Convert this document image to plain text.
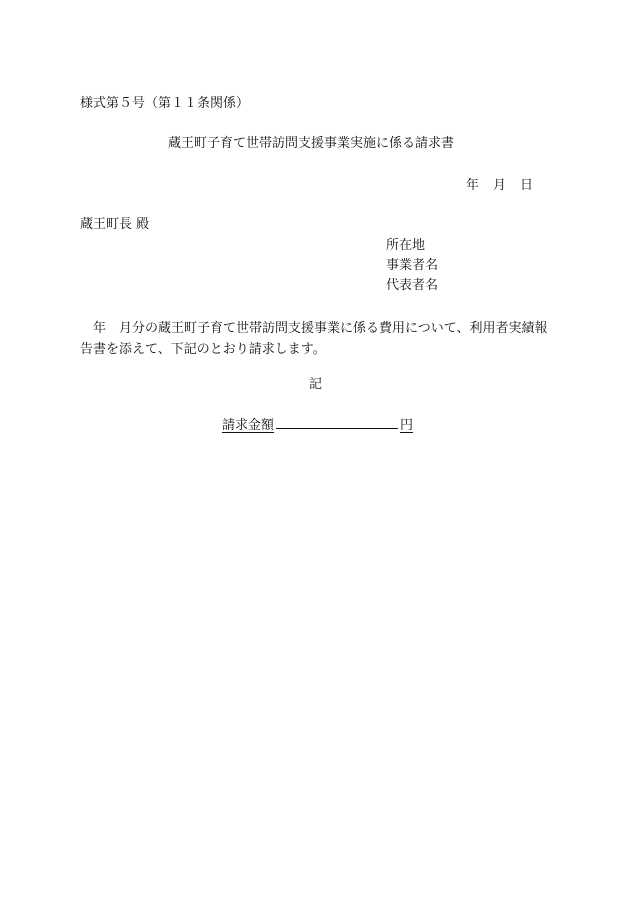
様式第５号（第１１条関係）
蔵王町子育て世帯訪問支援事業実施に係る請求書
年 月 日
蔵王町長 殿
所在地
事業者名
代表者名
年　月分の蔵王町子育て世帯訪問支援事業に係る費用について、利用者実績報告書を添えて、下記のとおり請求します。
記
請求金額	円
